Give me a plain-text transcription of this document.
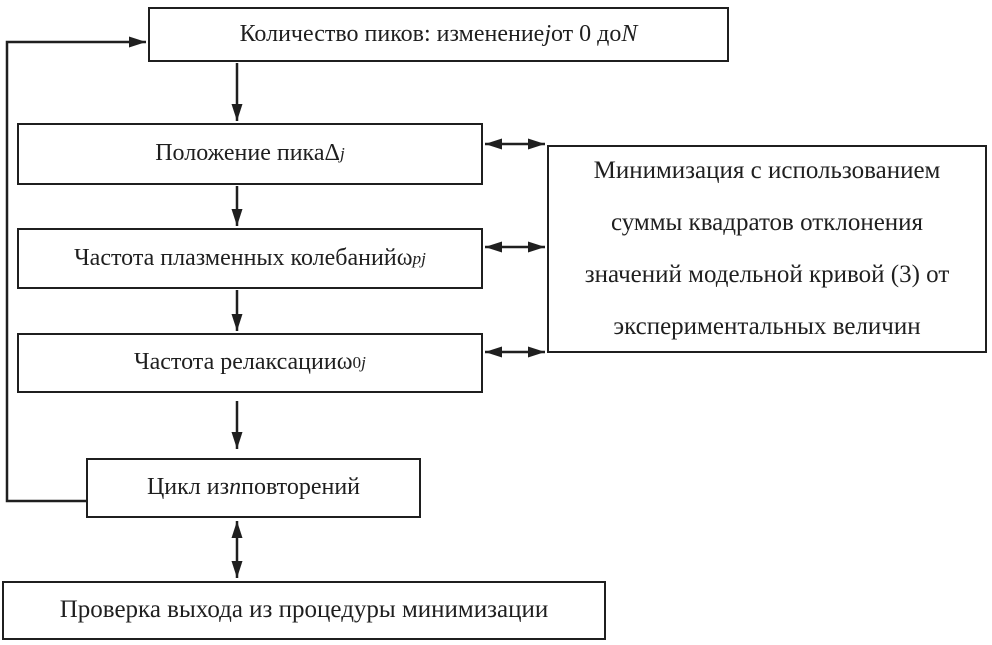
Количество пиков: изменение j от 0 до N
Положение пика Δ j
Частота плазменных колебаний ω pj
Частота релаксации ω 0 j
Цикл из n повторений
Минимизация с использованием
суммы квадратов отклонения
значений модельной кривой (3) от
экспериментальных величин
Проверка выхода из процедуры минимизации
